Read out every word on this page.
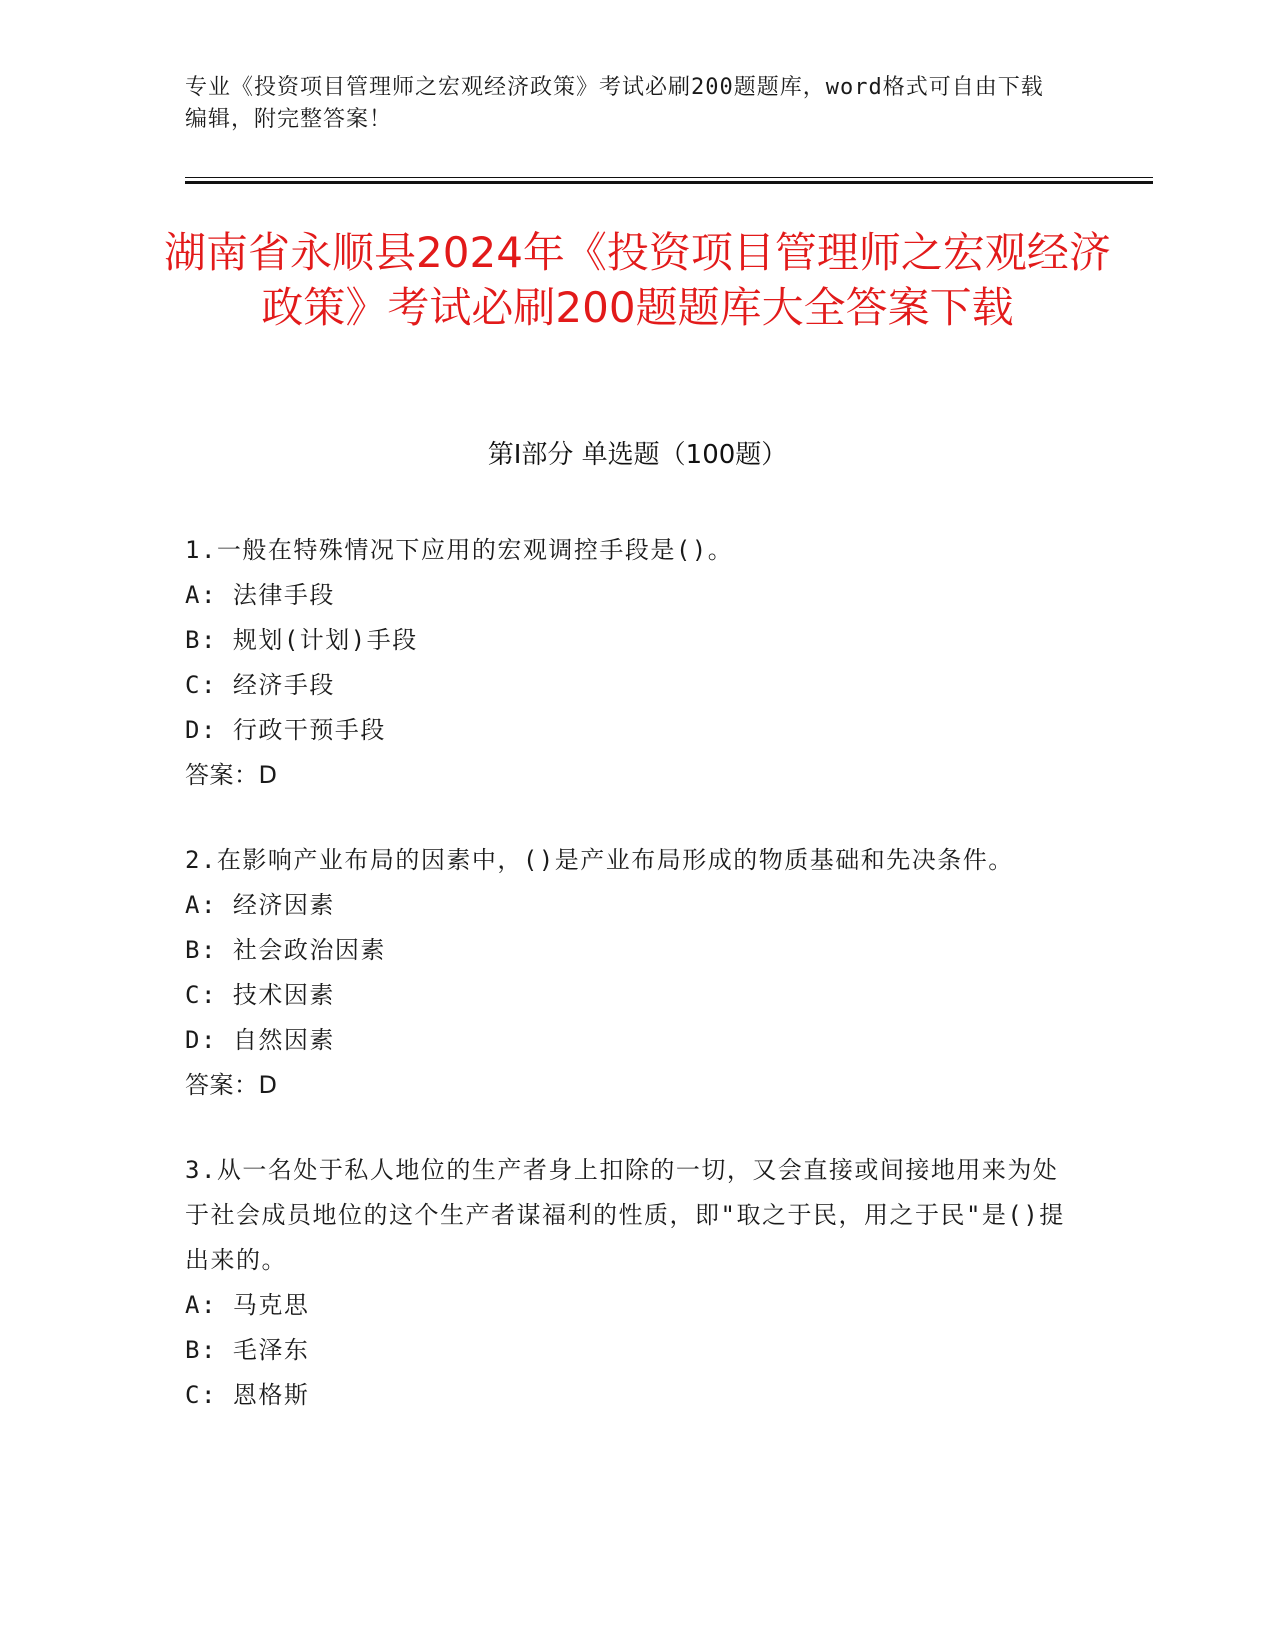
专业《投资项目管理师之宏观经济政策》考试必刷200题题库，word格式可自由下载编辑，附完整答案！
湖南省永顺县2024年《投资项目管理师之宏观经济政策》考试必刷200题题库大全答案下载
第I部分 单选题（100题）

1.一般在特殊情况下应用的宏观调控手段是()。

A: 法律手段

B: 规划(计划)手段

C: 经济手段

D: 行政干预手段

答案：D

2.在影响产业布局的因素中，()是产业布局形成的物质基础和先决条件。

A: 经济因素

B: 社会政治因素

C: 技术因素

D: 自然因素

答案：D

3.从一名处于私人地位的生产者身上扣除的一切，又会直接或间接地用来为处于社会成员地位的这个生产者谋福利的性质，即"取之于民，用之于民"是()提出来的。

A: 马克思

B: 毛泽东

C: 恩格斯
